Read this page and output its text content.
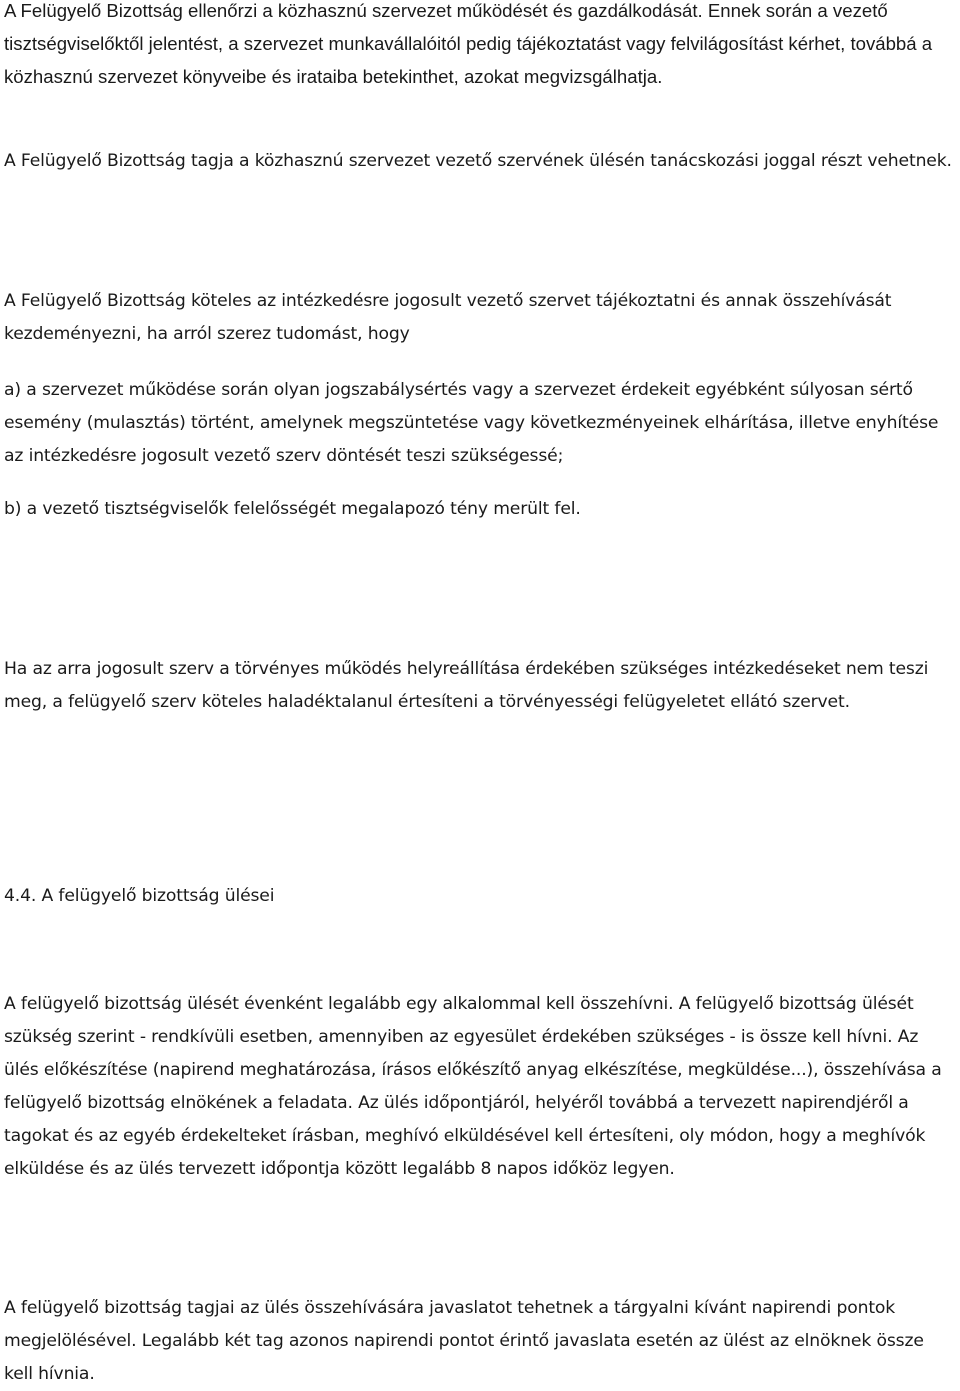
A Felügyelő Bizottság ellenőrzi a közhasznú szervezet működését és gazdálkodását. Ennek során a vezető tisztségviselőktől jelentést, a szervezet munkavállalóitól pedig tájékoztatást vagy felvilágosítást kérhet, továbbá a közhasznú szervezet könyveibe és irataiba betekinthet, azokat megvizsgálhatja.

A Felügyelő Bizottság tagja a közhasznú szervezet vezető szervének ülésén tanácskozási joggal részt vehetnek.

A Felügyelő Bizottság köteles az intézkedésre jogosult vezető szervet tájékoztatni és annak összehívását kezdeményezni, ha arról szerez tudomást, hogy

a) a szervezet működése során olyan jogszabálysértés vagy a szervezet érdekeit egyébként súlyosan sértő esemény (mulasztás) történt, amelynek megszüntetése vagy következményeinek elhárítása, illetve enyhítése az intézkedésre jogosult vezető szerv döntését teszi szükségessé;

b) a vezető tisztségviselők felelősségét megalapozó tény merült fel.

Ha az arra jogosult szerv a törvényes működés helyreállítása érdekében szükséges intézkedéseket nem teszi meg, a felügyelő szerv köteles haladéktalanul értesíteni a törvényességi felügyeletet ellátó szervet.

4.4. A felügyelő bizottság ülései

A felügyelő bizottság ülését évenként legalább egy alkalommal kell összehívni. A felügyelő bizottság ülését szükség szerint - rendkívüli esetben, amennyiben az egyesület érdekében szükséges - is össze kell hívni. Az ülés előkészítése (napirend meghatározása, írásos előkészítő anyag elkészítése, megküldése...), összehívása a felügyelő bizottság elnökének a feladata. Az ülés időpontjáról, helyéről továbbá a tervezett napirendjéről a tagokat és az egyéb érdekelteket írásban, meghívó elküldésével kell értesíteni, oly módon, hogy a meghívók elküldése és az ülés tervezett időpontja között legalább 8 napos időköz legyen.

A felügyelő bizottság tagjai az ülés összehívására javaslatot tehetnek a tárgyalni kívánt napirendi pontok megjelölésével. Legalább két tag azonos napirendi pontot érintő javaslata esetén az ülést az elnöknek össze kell hívnia.
